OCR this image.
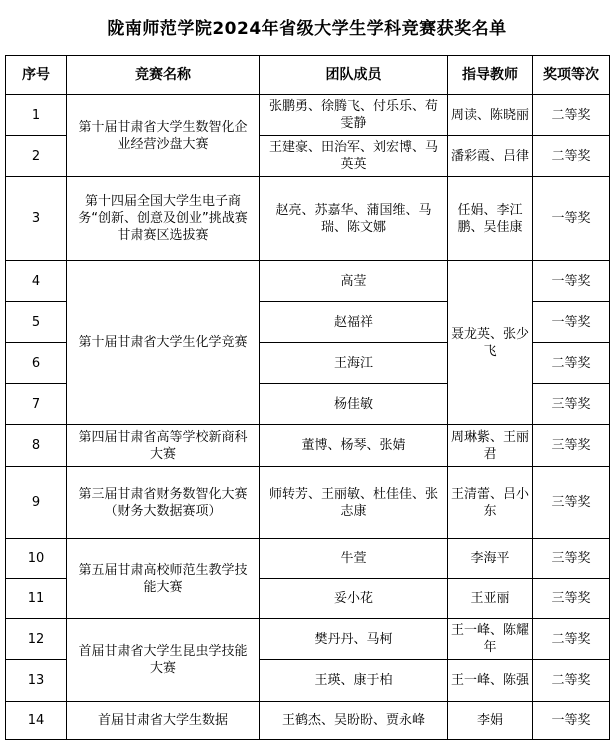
陇南师范学院2024年省级大学生学科竞赛获奖名单
序号	竞赛名称	团队成员	指导教师	奖项等次
1	第十届甘肃省大学生数智化企业经营沙盘大赛	张鹏勇、徐腾飞、付乐乐、苟雯静	周读、陈晓丽	二等奖
2		王建豪、田治军、刘宏博、马英英	潘彩霞、吕律	二等奖
3	第十四届全国大学生电子商务“创新、创意及创业”挑战赛甘肃赛区选拔赛	赵亮、苏嘉华、蒲国维、马瑞、陈文娜	任娟、李江鹏、吴佳康	一等奖
4	第十届甘肃省大学生化学竞赛	高莹	聂龙英、张少飞	一等奖
5		赵福祥		一等奖
6		王海江		二等奖
7		杨佳敏		三等奖
8	第四届甘肃省高等学校新商科大赛	董博、杨琴、张婧	周琳紫、王丽君	三等奖
9	第三届甘肃省财务数智化大赛（财务大数据赛项）	师转芳、王丽敏、杜佳佳、张志康	王清蕾、吕小东	三等奖
10	第五届甘肃高校师范生教学技能大赛	牛萱	李海平	三等奖
11		妥小花	王亚丽	三等奖
12	首届甘肃省大学生昆虫学技能大赛	樊丹丹、马柯	王一峰、陈耀年	二等奖
13		王瑛、康于柏	王一峰、陈强	二等奖
14	首届甘肃省大学生数据	王鹤杰、吴盼盼、贾永峰	李娟	一等奖
